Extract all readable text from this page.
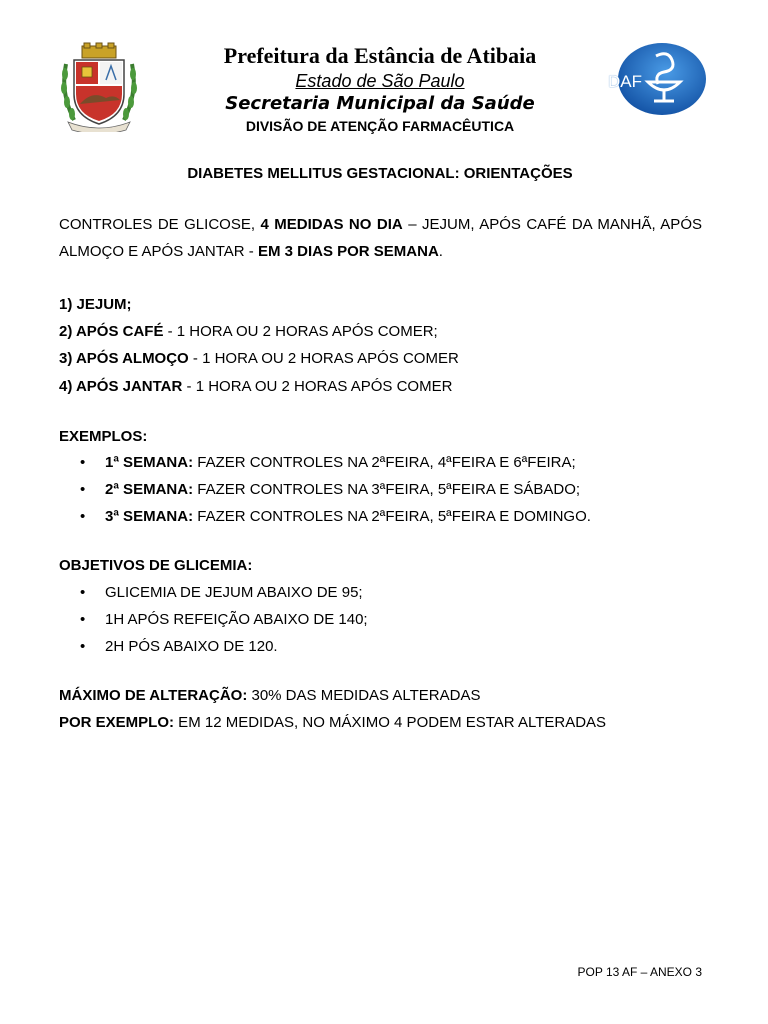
DAF
Prefeitura da Estância de Atibaia
Estado de São Paulo
Secretaria Municipal da Saúde
DIVISÃO DE ATENÇÃO FARMACÊUTICA
DIABETES MELLITUS GESTACIONAL: ORIENTAÇÕES
CONTROLES DE GLICOSE, 4 MEDIDAS NO DIA – JEJUM, APÓS CAFÉ DA MANHÃ, APÓS ALMOÇO E APÓS JANTAR - EM 3 DIAS POR SEMANA.
1) JEJUM;
2) APÓS CAFÉ - 1 HORA OU 2 HORAS APÓS COMER;
3) APÓS ALMOÇO - 1 HORA OU 2 HORAS APÓS COMER
4) APÓS JANTAR - 1 HORA OU 2 HORAS APÓS COMER
EXEMPLOS:
• 1ª SEMANA: FAZER CONTROLES NA 2ªFEIRA, 4ªFEIRA E 6ªFEIRA;
• 2ª SEMANA: FAZER CONTROLES NA 3ªFEIRA, 5ªFEIRA E SÁBADO;
• 3ª SEMANA: FAZER CONTROLES NA 2ªFEIRA, 5ªFEIRA E DOMINGO.
OBJETIVOS DE GLICEMIA:
• GLICEMIA DE JEJUM ABAIXO DE 95;
• 1H APÓS REFEIÇÃO ABAIXO DE 140;
• 2H PÓS ABAIXO DE 120.
MÁXIMO DE ALTERAÇÃO: 30% DAS MEDIDAS ALTERADAS
POR EXEMPLO: EM 12 MEDIDAS, NO MÁXIMO 4 PODEM ESTAR ALTERADAS
POP 13 AF – ANEXO 3
